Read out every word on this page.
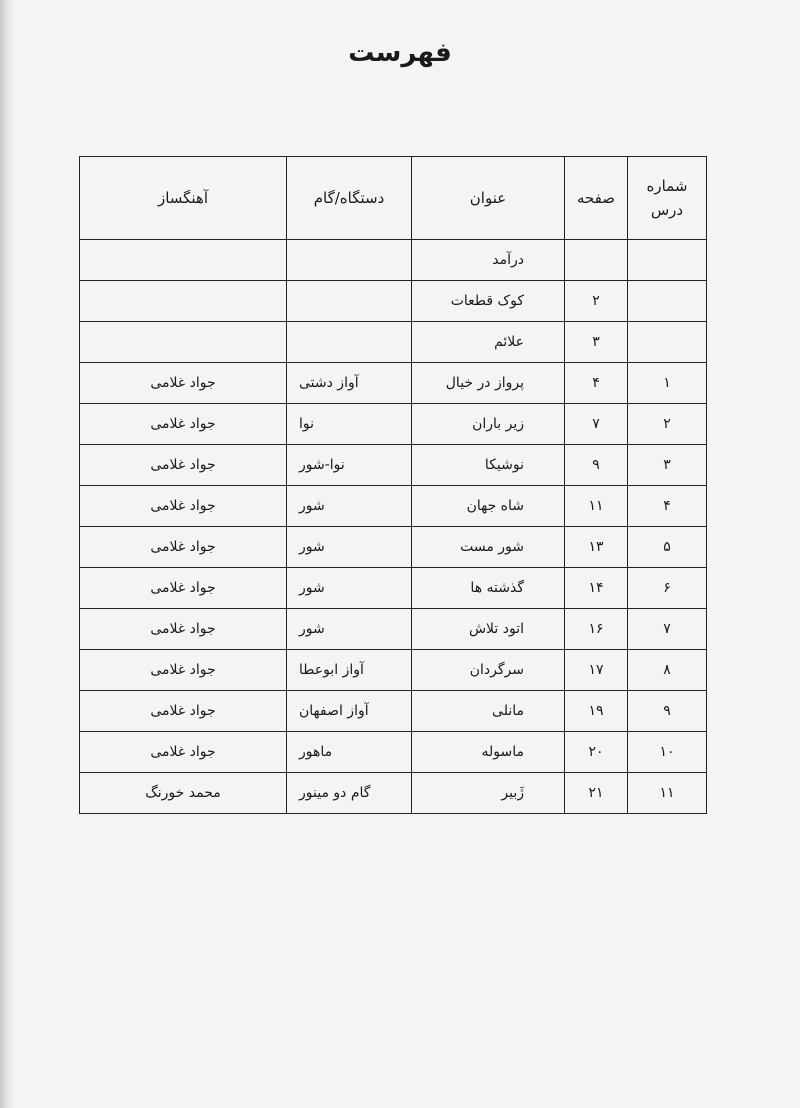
فهرست
شماره
درس	صفحه	عنوان	دستگاه/گام	آهنگساز
		درآمد		
	۲	کوک قطعات		
	۳	علائم		
۱	۴	پرواز در خیال	آواز دشتی	جواد غلامی
۲	۷	زیر باران	نوا	جواد غلامی
۳	۹	نوشیکا	نوا-شور	جواد غلامی
۴	۱۱	شاه جهان	شور	جواد غلامی
۵	۱۳	شور مست	شور	جواد غلامی
۶	۱۴	گذشته ها	شور	جواد غلامی
۷	۱۶	اتود تلاش	شور	جواد غلامی
۸	۱۷	سرگردان	آواز ابوعطا	جواد غلامی
۹	۱۹	مانلی	آواز اصفهان	جواد غلامی
۱۰	۲۰	ماسوله	ماهور	جواد غلامی
۱۱	۲۱	ژَبیر	گام دو مینور	محمد خورنگ
